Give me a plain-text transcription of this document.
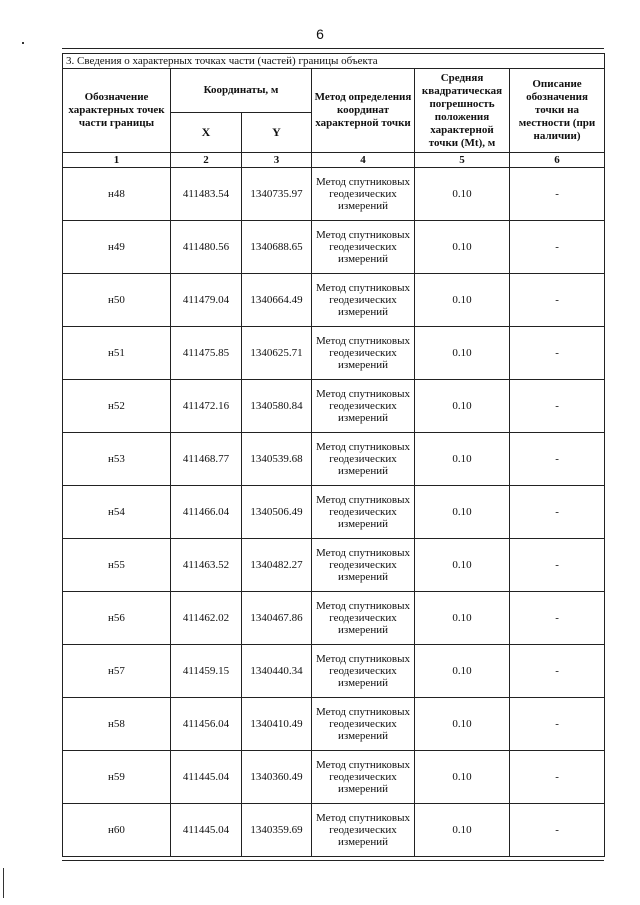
6
3. Сведения о характерных точках части (частей) границы объекта					
Обозначение характерных точек части границы	Координаты, м		Метод определения координат характерной точки	Средняя квадратическая погрешность положения характерной точки (Mt), м	Описание обозначения точки на местности (при наличии)
	X	Y			
1	2	3	4	5	6
н48	411483.54	1340735.97	Метод спутниковых геодезических измерений	0.10	-
н49	411480.56	1340688.65	Метод спутниковых геодезических измерений	0.10	-
н50	411479.04	1340664.49	Метод спутниковых геодезических измерений	0.10	-
н51	411475.85	1340625.71	Метод спутниковых геодезических измерений	0.10	-
н52	411472.16	1340580.84	Метод спутниковых геодезических измерений	0.10	-
н53	411468.77	1340539.68	Метод спутниковых геодезических измерений	0.10	-
н54	411466.04	1340506.49	Метод спутниковых геодезических измерений	0.10	-
н55	411463.52	1340482.27	Метод спутниковых геодезических измерений	0.10	-
н56	411462.02	1340467.86	Метод спутниковых геодезических измерений	0.10	-
н57	411459.15	1340440.34	Метод спутниковых геодезических измерений	0.10	-
н58	411456.04	1340410.49	Метод спутниковых геодезических измерений	0.10	-
н59	411445.04	1340360.49	Метод спутниковых геодезических измерений	0.10	-
н60	411445.04	1340359.69	Метод спутниковых геодезических измерений	0.10	-
